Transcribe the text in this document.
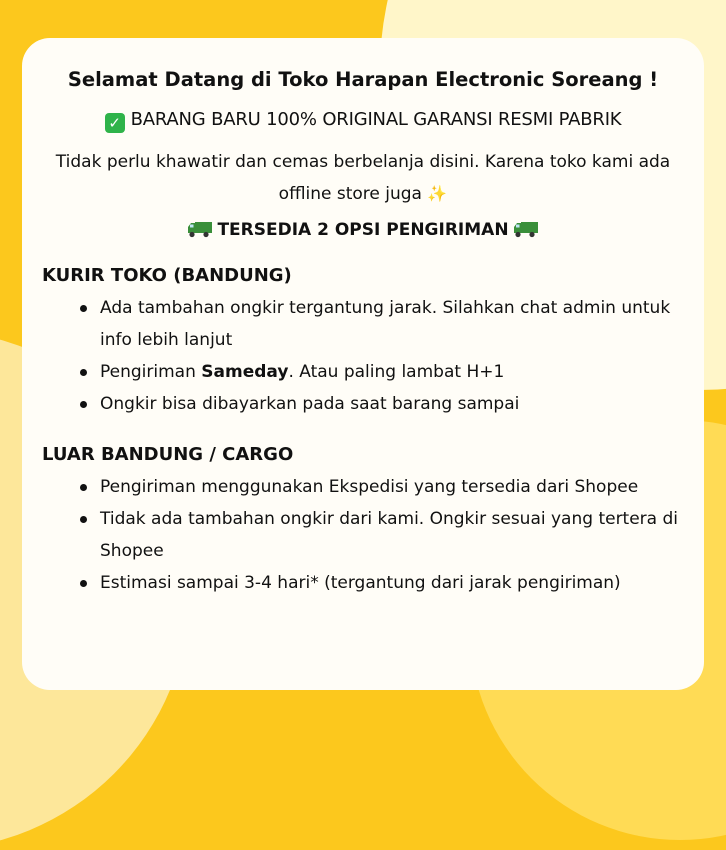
Selamat Datang di Toko Harapan Electronic Soreang !

✓ BARANG BARU 100% ORIGINAL GARANSI RESMI PABRIK

Tidak perlu khawatir dan cemas berbelanja disini. Karena toko kami ada offline store juga ✨

TERSEDIA 2 OPSI PENGIRIMAN

KURIR TOKO (BANDUNG)

Ada tambahan ongkir tergantung jarak. Silahkan chat admin untuk info lebih lanjut
Pengiriman Sameday. Atau paling lambat H+1
Ongkir bisa dibayarkan pada saat barang sampai

LUAR BANDUNG / CARGO

Pengiriman menggunakan Ekspedisi yang tersedia dari Shopee
Tidak ada tambahan ongkir dari kami. Ongkir sesuai yang tertera di Shopee
Estimasi sampai 3-4 hari* (tergantung dari jarak pengiriman)
